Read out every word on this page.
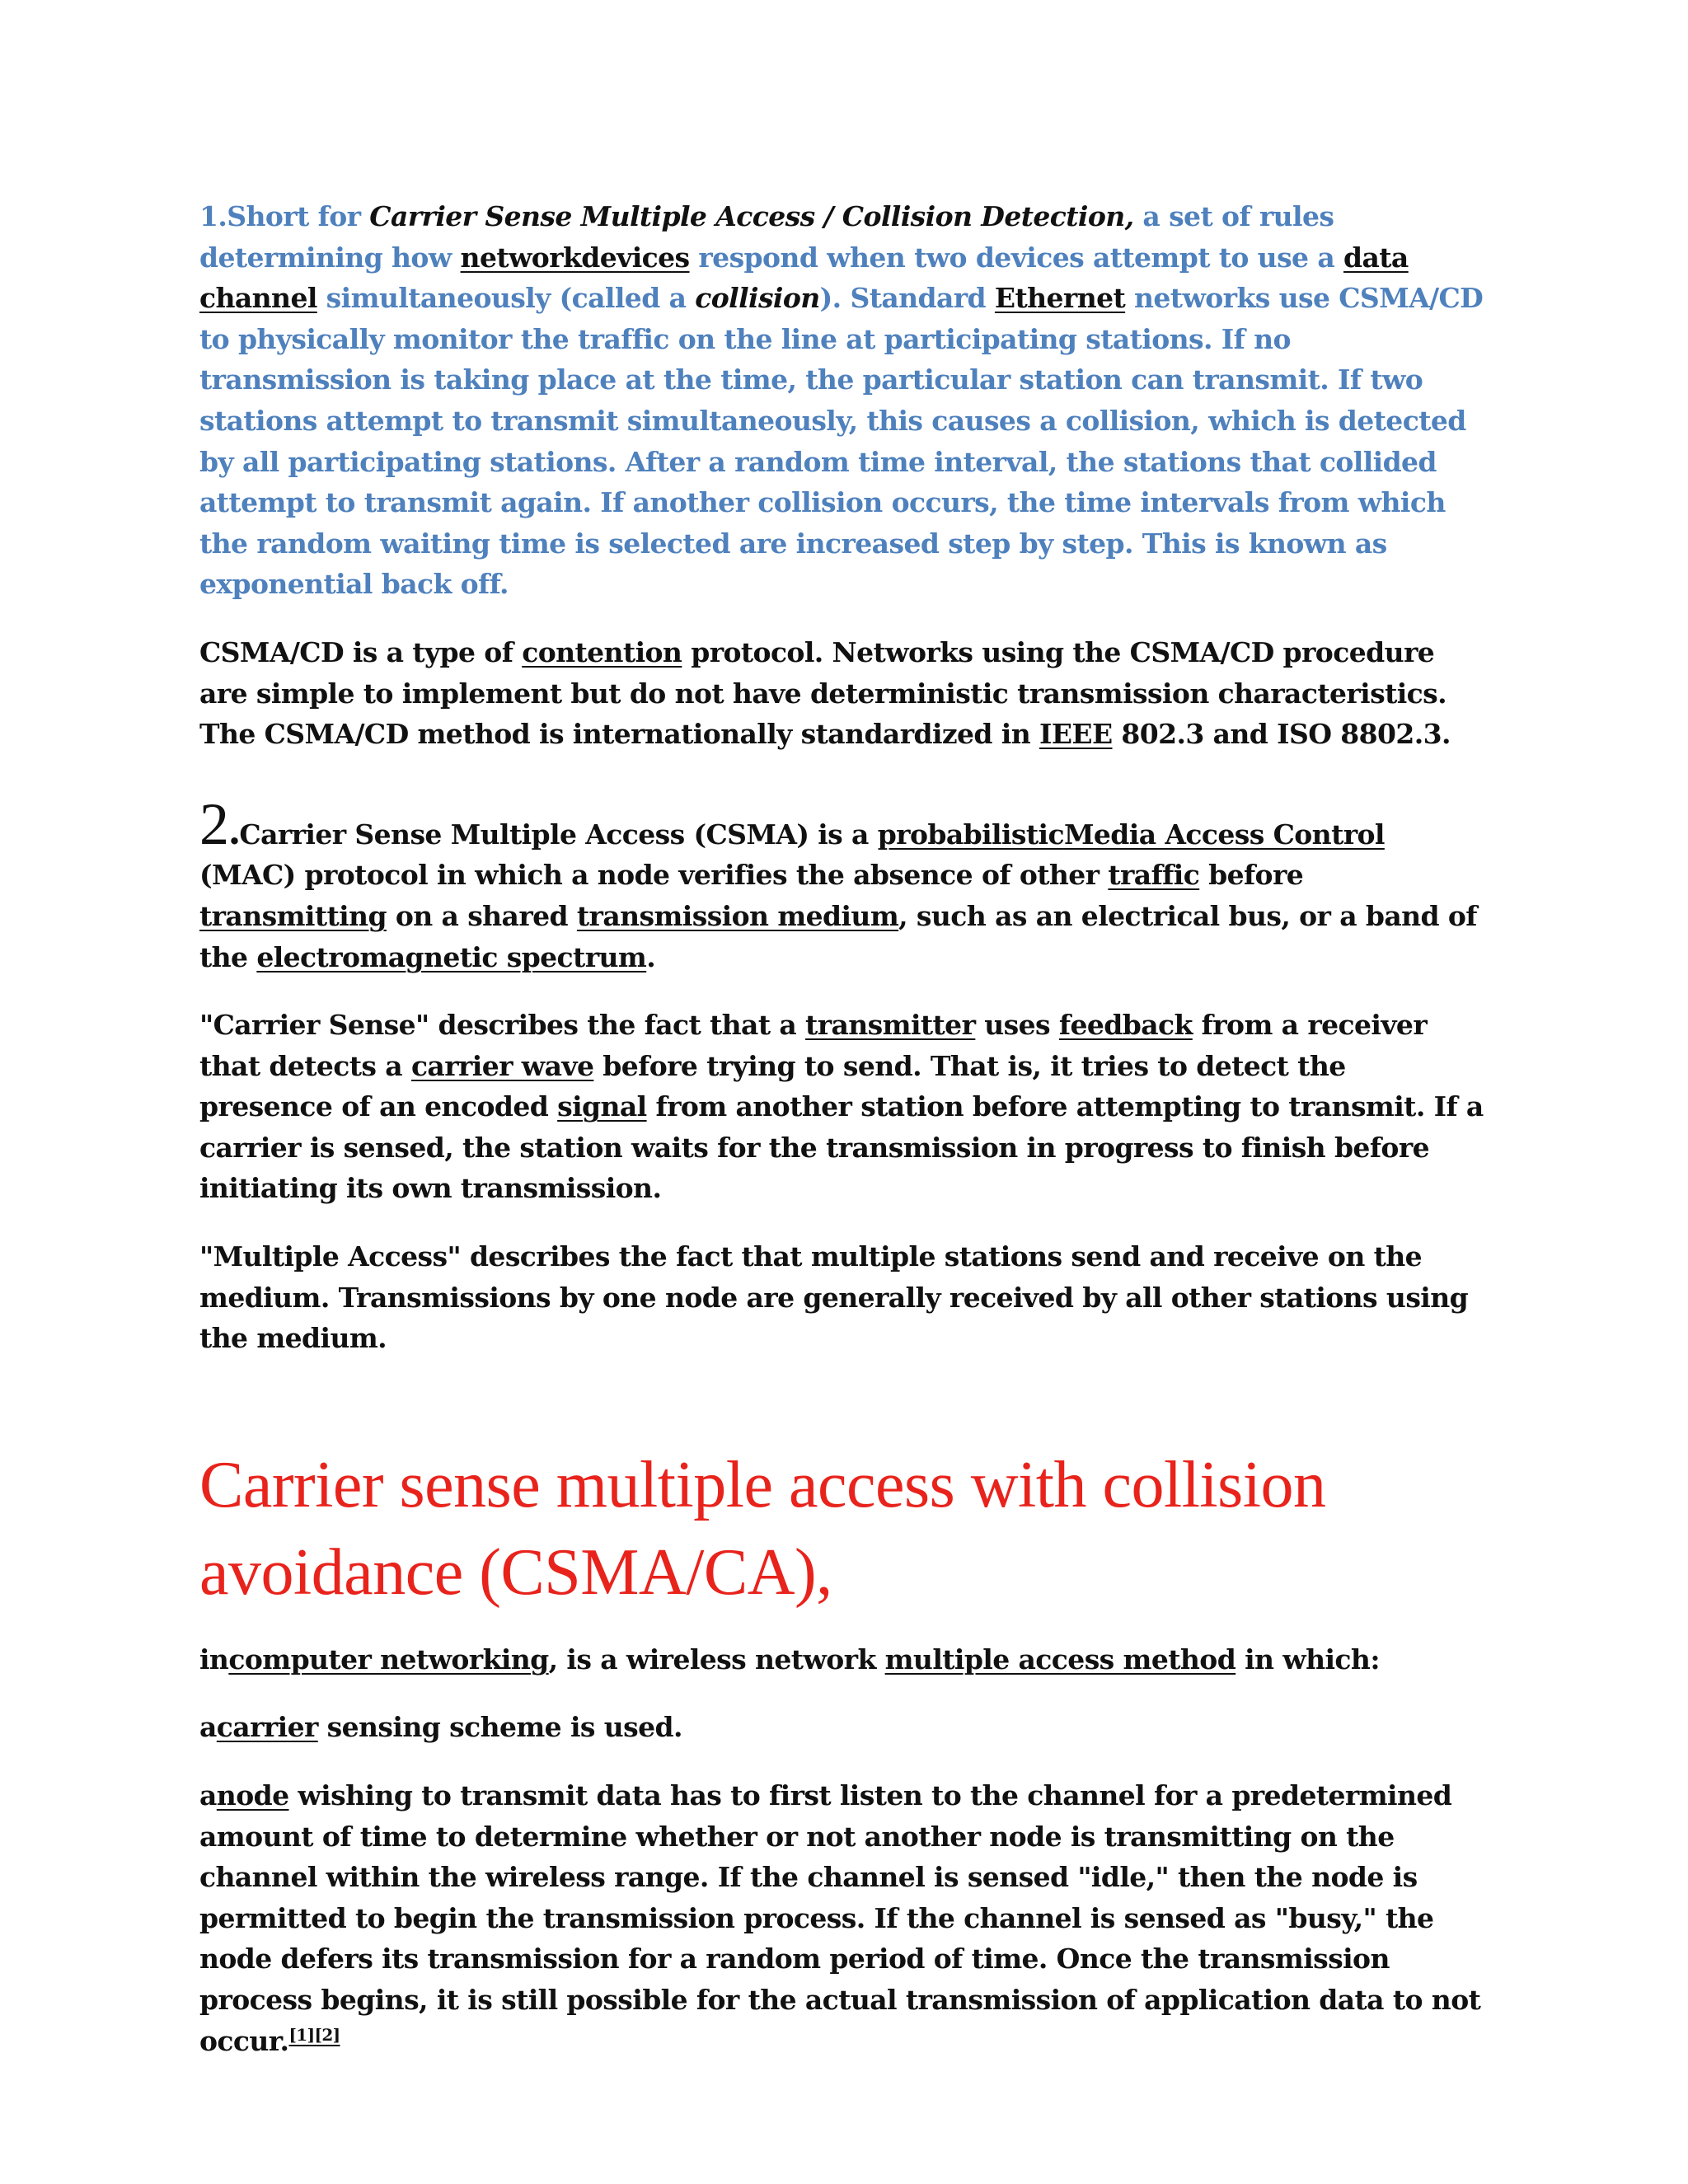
1.Short for Carrier Sense Multiple Access / Collision Detection, a set of rules determining how networkdevices respond when two devices attempt to use a data channel simultaneously (called a collision). Standard Ethernet networks use CSMA/CD to physically monitor the traffic on the line at participating stations. If no transmission is taking place at the time, the particular station can transmit. If two stations attempt to transmit simultaneously, this causes a collision, which is detected by all participating stations. After a random time interval, the stations that collided attempt to transmit again. If another collision occurs, the time intervals from which the random waiting time is selected are increased step by step. This is known as exponential back off.

CSMA/CD is a type of contention protocol. Networks using the CSMA/CD procedure are simple to implement but do not have deterministic transmission characteristics. The CSMA/CD method is internationally standardized in IEEE 802.3 and ISO 8802.3.

2.Carrier Sense Multiple Access (CSMA) is a probabilisticMedia Access Control (MAC) protocol in which a node verifies the absence of other traffic before transmitting on a shared transmission medium, such as an electrical bus, or a band of the electromagnetic spectrum.

"Carrier Sense" describes the fact that a transmitter uses feedback from a receiver that detects a carrier wave before trying to send. That is, it tries to detect the presence of an encoded signal from another station before attempting to transmit. If a carrier is sensed, the station waits for the transmission in progress to finish before initiating its own transmission.

"Multiple Access" describes the fact that multiple stations send and receive on the medium. Transmissions by one node are generally received by all other stations using the medium.

Carrier sense multiple access with collision avoidance (CSMA/CA),

incomputer networking, is a wireless network multiple access method in which:

acarrier sensing scheme is used.

anode wishing to transmit data has to first listen to the channel for a predetermined amount of time to determine whether or not another node is transmitting on the channel within the wireless range. If the channel is sensed "idle," then the node is permitted to begin the transmission process. If the channel is sensed as "busy," the node defers its transmission for a random period of time. Once the transmission process begins, it is still possible for the actual transmission of application data to not occur.[1][2]
